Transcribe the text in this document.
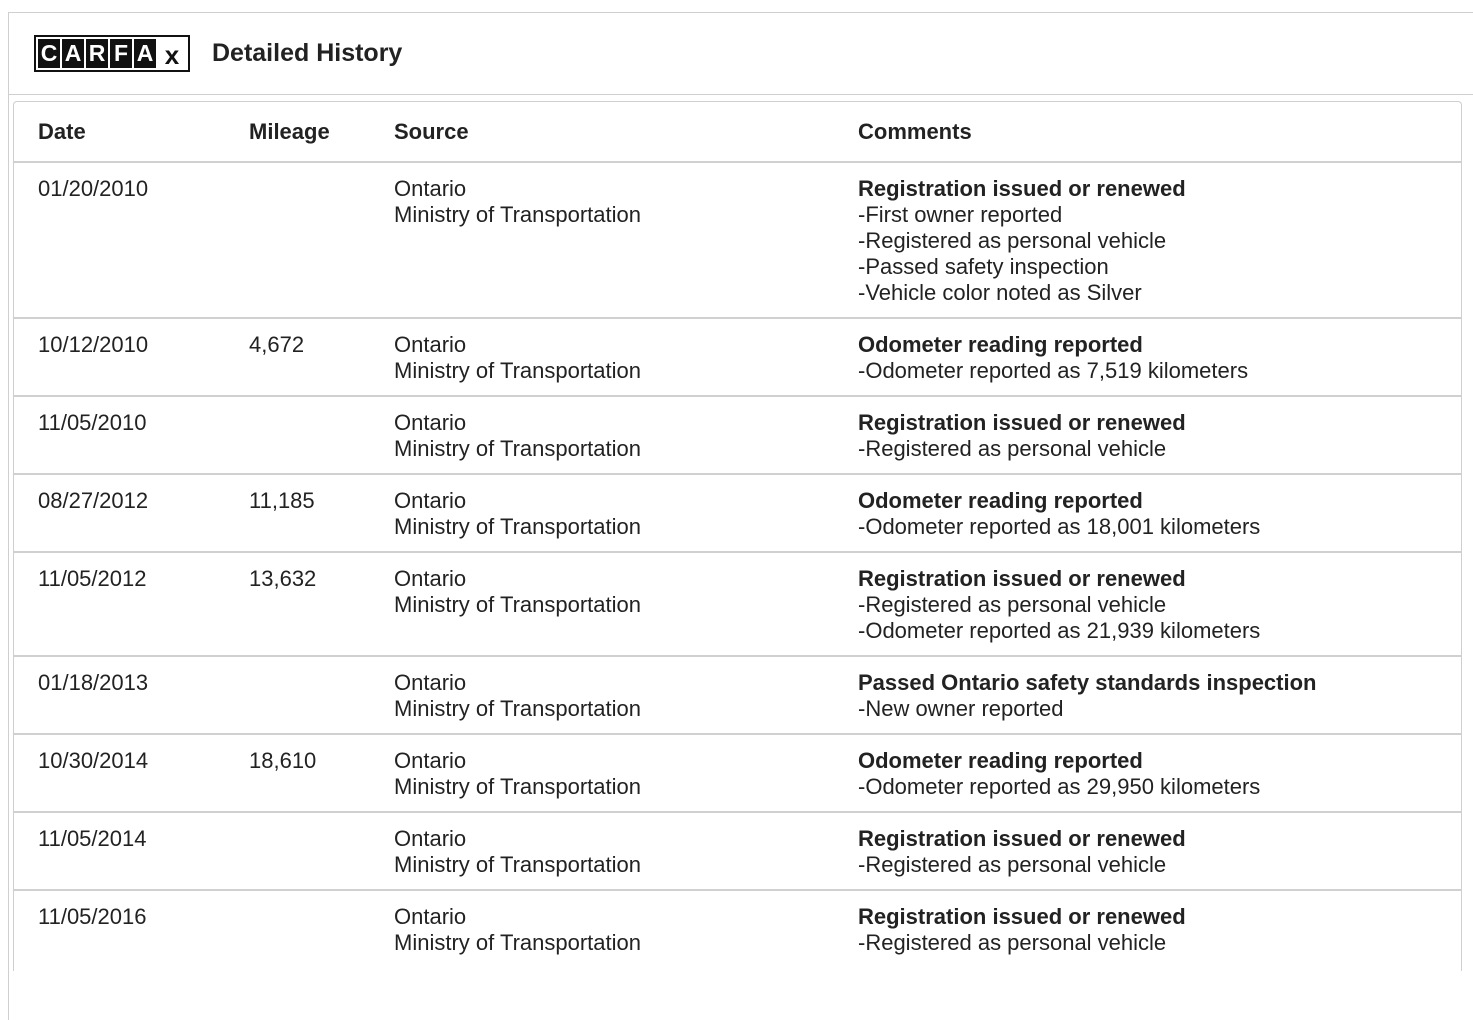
C A R F A x Detailed History
Date	Mileage	Source	Comments
01/20/2010		Ontario
Ministry of Transportation	Registration issued or renewed
-First owner reported
-Registered as personal vehicle
-Passed safety inspection
-Vehicle color noted as Silver

10/12/2010	4,672	Ontario
Ministry of Transportation	Odometer reading reported
-Odometer reported as 7,519 kilometers

11/05/2010		Ontario
Ministry of Transportation	Registration issued or renewed
-Registered as personal vehicle

08/27/2012	11,185	Ontario
Ministry of Transportation	Odometer reading reported
-Odometer reported as 18,001 kilometers

11/05/2012	13,632	Ontario
Ministry of Transportation	Registration issued or renewed
-Registered as personal vehicle
-Odometer reported as 21,939 kilometers

01/18/2013		Ontario
Ministry of Transportation	Passed Ontario safety standards inspection
-New owner reported

10/30/2014	18,610	Ontario
Ministry of Transportation	Odometer reading reported
-Odometer reported as 29,950 kilometers

11/05/2014		Ontario
Ministry of Transportation	Registration issued or renewed
-Registered as personal vehicle

11/05/2016		Ontario
Ministry of Transportation	Registration issued or renewed
-Registered as personal vehicle
